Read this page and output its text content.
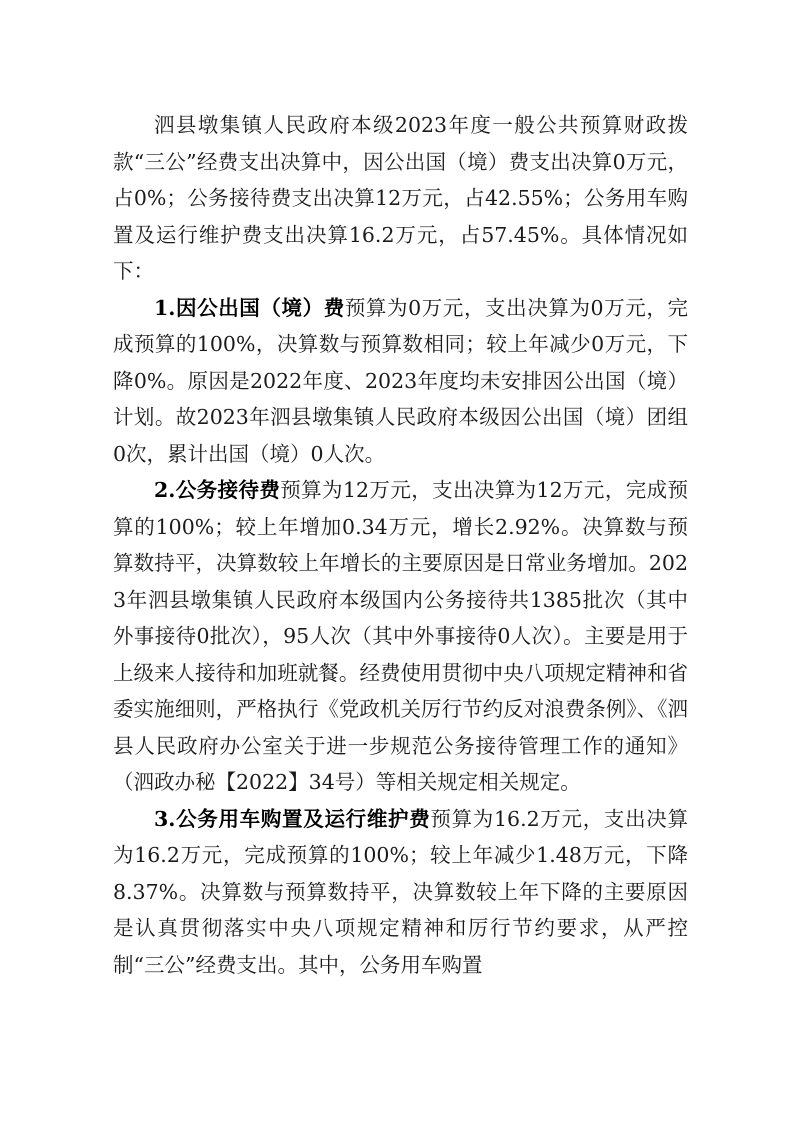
泗县墩集镇人民政府本级2023年度一般公共预算财政拨款“三公”经费支出决算中，因公出国（境）费支出决算0万元，占0%；公务接待费支出决算12万元，占42.55%；公务用车购置及运行维护费支出决算16.2万元，占57.45%。具体情况如下：

1.因公出国（境）费预算为0万元，支出决算为0万元，完成预算的100%，决算数与预算数相同；较上年减少0万元，下降0%。原因是2022年度、2023年度均未安排因公出国（境）计划。故2023年泗县墩集镇人民政府本级因公出国（境）团组0次，累计出国（境）0人次。

2.公务接待费预算为12万元，支出决算为12万元，完成预算的100%；较上年增加0.34万元，增长2.92%。决算数与预算数持平，决算数较上年增长的主要原因是日常业务增加。2023年泗县墩集镇人民政府本级国内公务接待共1385批次（其中外事接待0批次），95人次（其中外事接待0人次）。主要是用于上级来人接待和加班就餐。经费使用贯彻中央八项规定精神和省委实施细则，严格执行《党政机关厉行节约反对浪费条例》、《泗县人民政府办公室关于进一步规范公务接待管理工作的通知》（泗政办秘【2022】34号）等相关规定相关规定。

3.公务用车购置及运行维护费预算为16.2万元，支出决算为16.2万元，完成预算的100%；较上年减少1.48万元，下降8.37%。决算数与预算数持平，决算数较上年下降的主要原因是认真贯彻落实中央八项规定精神和厉行节约要求，从严控制“三公”经费支出。其中，公务用车购置
